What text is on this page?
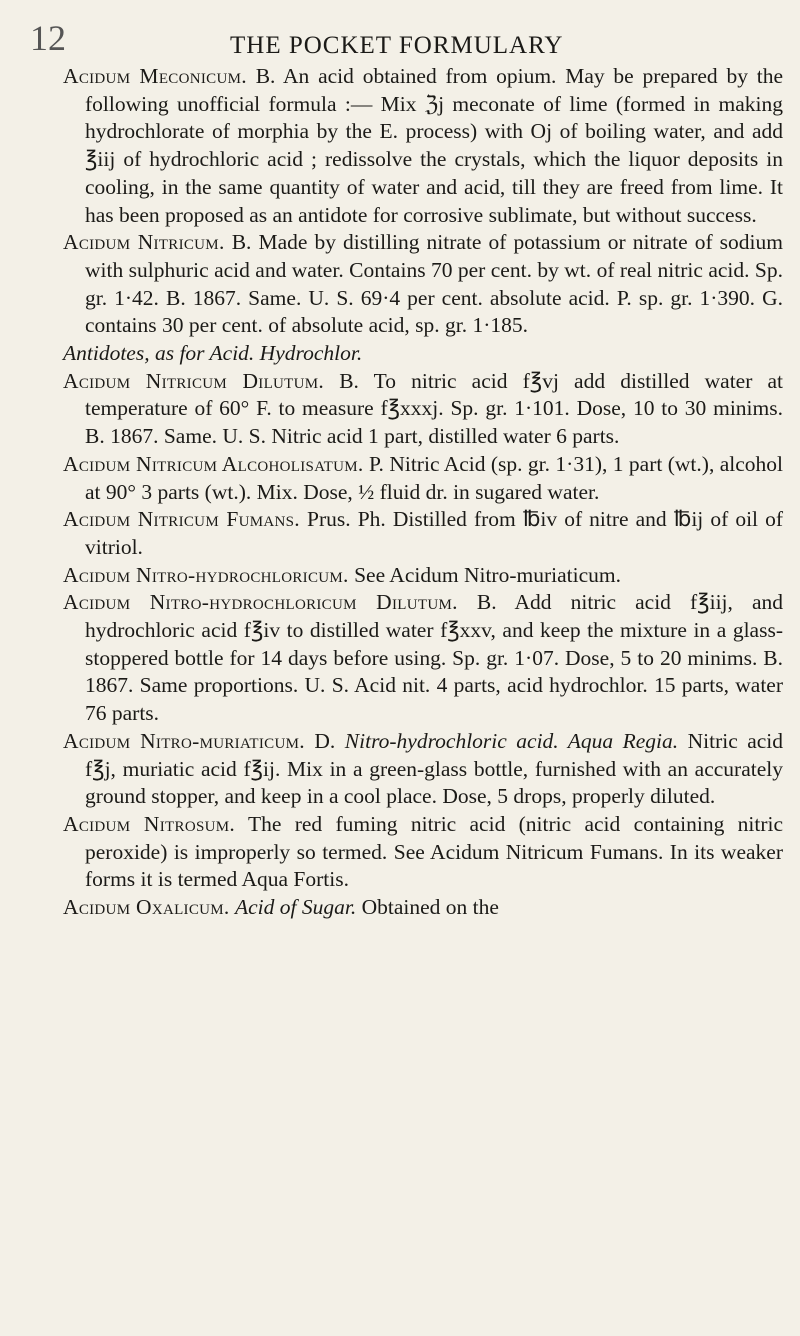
12	THE POCKET FORMULARY

Acidum Meconicum. B. An acid obtained from opium. May be prepared by the following unofficial formula :— Mix ℨj meconate of lime (formed in making hydrochlorate of morphia by the E. process) with Oj of boiling water, and add ℥iij of hydrochloric acid ; redissolve the crystals, which the liquor deposits in cooling, in the same quantity of water and acid, till they are freed from lime. It has been proposed as an antidote for corrosive sublimate, but without success.

Acidum Nitricum. B. Made by distilling nitrate of potassium or nitrate of sodium with sulphuric acid and water. Contains 70 per cent. by wt. of real nitric acid. Sp. gr. 1·42. B. 1867. Same. U. S. 69·4 per cent. absolute acid. P. sp. gr. 1·390. G. contains 30 per cent. of absolute acid, sp. gr. 1·185.

Antidotes, as for Acid. Hydrochlor.

Acidum Nitricum Dilutum. B. To nitric acid f℥vj add distilled water at temperature of 60° F. to measure f℥xxxj. Sp. gr. 1·101. Dose, 10 to 30 minims. B. 1867. Same. U. S. Nitric acid 1 part, distilled water 6 parts.

Acidum Nitricum Alcoholisatum. P. Nitric Acid (sp. gr. 1·31), 1 part (wt.), alcohol at 90° 3 parts (wt.). Mix. Dose, ½ fluid dr. in sugared water.

Acidum Nitricum Fumans. Prus. Ph. Distilled from ℔iv of nitre and ℔ij of oil of vitriol.

Acidum Nitro-hydrochloricum. See Acidum Nitro-muriaticum.

Acidum Nitro-hydrochloricum Dilutum. B. Add nitric acid f℥iij, and hydrochloric acid f℥iv to distilled water f℥xxv, and keep the mixture in a glass-stoppered bottle for 14 days before using. Sp. gr. 1·07. Dose, 5 to 20 minims. B. 1867. Same proportions. U. S. Acid nit. 4 parts, acid hydrochlor. 15 parts, water 76 parts.

Acidum Nitro-muriaticum. D. Nitro-hydrochloric acid. Aqua Regia. Nitric acid f℥j, muriatic acid f℥ij. Mix in a green-glass bottle, furnished with an accurately ground stopper, and keep in a cool place. Dose, 5 drops, properly diluted.

Acidum Nitrosum. The red fuming nitric acid (nitric acid containing nitric peroxide) is improperly so termed. See Acidum Nitricum Fumans. In its weaker forms it is termed Aqua Fortis.

Acidum Oxalicum. Acid of Sugar. Obtained on the
